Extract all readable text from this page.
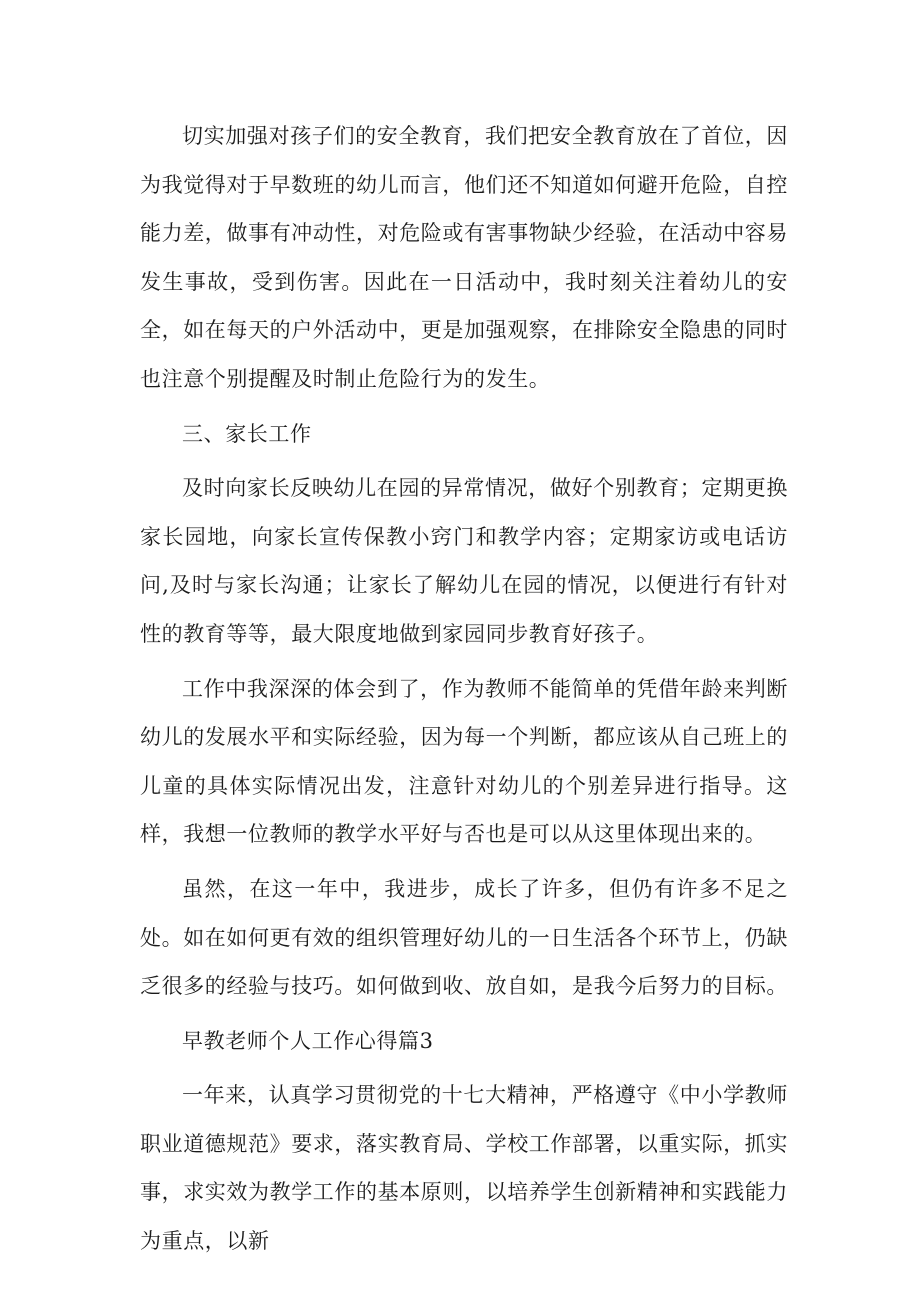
切实加强对孩子们的安全教育，我们把安全教育放在了首位，因为我觉得对于早数班的幼儿而言，他们还不知道如何避开危险，自控能力差，做事有冲动性，对危险或有害事物缺少经验，在活动中容易发生事故，受到伤害。因此在一日活动中，我时刻关注着幼儿的安全，如在每天的户外活动中，更是加强观察，在排除安全隐患的同时也注意个别提醒及时制止危险行为的发生。

三、家长工作

及时向家长反映幼儿在园的异常情况，做好个别教育；定期更换家长园地，向家长宣传保教小窍门和教学内容；定期家访或电话访问,及时与家长沟通；让家长了解幼儿在园的情况，以便进行有针对性的教育等等，最大限度地做到家园同步教育好孩子。

工作中我深深的体会到了，作为教师不能简单的凭借年龄来判断幼儿的发展水平和实际经验，因为每一个判断，都应该从自己班上的儿童的具体实际情况出发，注意针对幼儿的个别差异进行指导。这样，我想一位教师的教学水平好与否也是可以从这里体现出来的。

虽然，在这一年中，我进步，成长了许多，但仍有许多不足之处。如在如何更有效的组织管理好幼儿的一日生活各个环节上，仍缺乏很多的经验与技巧。如何做到收、放自如，是我今后努力的目标。

早教老师个人工作心得篇3

一年来，认真学习贯彻党的十七大精神，严格遵守《中小学教师职业道德规范》要求，落实教育局、学校工作部署，以重实际，抓实事，求实效为教学工作的基本原则，以培养学生创新精神和实践能力为重点，以新
